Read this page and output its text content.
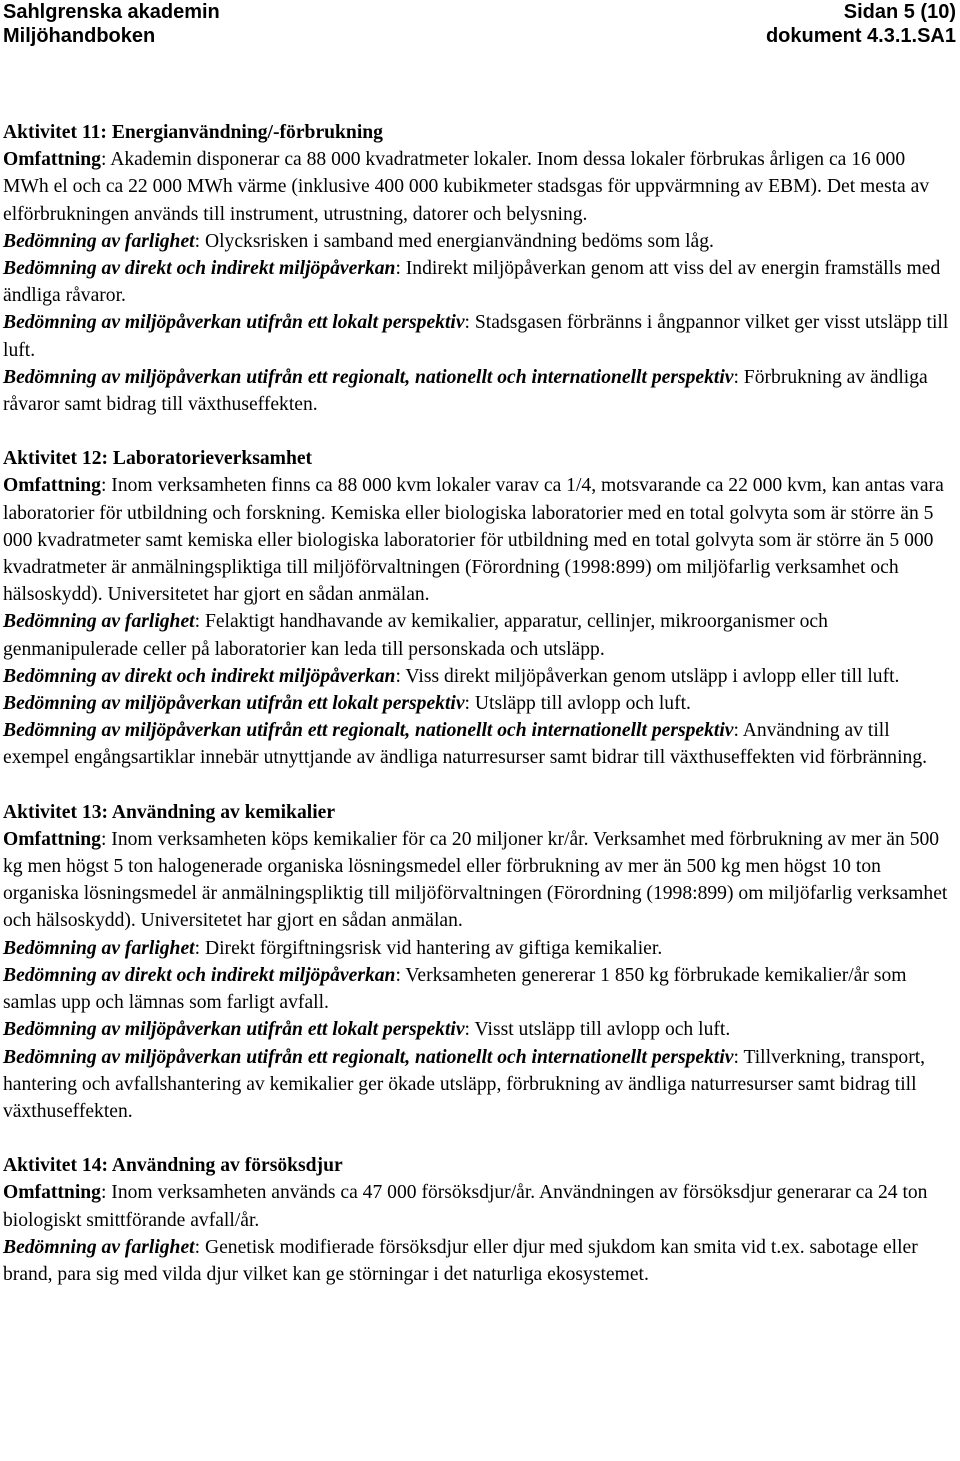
Sahlgrenska akademin	Sidan 5 (10)
Miljöhandboken	dokument 4.3.1.SA1
Aktivitet 11: Energianvändning/-förbrukning

Omfattning: Akademin disponerar ca 88 000 kvadratmeter lokaler. Inom dessa lokaler förbrukas årligen ca 16 000 MWh el och ca 22 000 MWh värme (inklusive 400 000 kubikmeter stadsgas för uppvärmning av EBM). Det mesta av elförbrukningen används till instrument, utrustning, datorer och belysning.

Bedömning av farlighet: Olycksrisken i samband med energianvändning bedöms som låg.

Bedömning av direkt och indirekt miljöpåverkan: Indirekt miljöpåverkan genom att viss del av energin framställs med ändliga råvaror.

Bedömning av miljöpåverkan utifrån ett lokalt perspektiv: Stadsgasen förbränns i ångpannor vilket ger visst utsläpp till luft.

Bedömning av miljöpåverkan utifrån ett regionalt, nationellt och internationellt perspektiv: Förbrukning av ändliga råvaror samt bidrag till växthuseffekten.

Aktivitet 12: Laboratorieverksamhet

Omfattning: Inom verksamheten finns ca 88 000 kvm lokaler varav ca 1/4, motsvarande ca 22 000 kvm, kan antas vara laboratorier för utbildning och forskning. Kemiska eller biologiska laboratorier med en total golvyta som är större än 5 000 kvadratmeter samt kemiska eller biologiska laboratorier för utbildning med en total golvyta som är större än 5 000 kvadratmeter är anmälningspliktiga till miljöförvaltningen (Förordning (1998:899) om miljöfarlig verksamhet och hälsoskydd). Universitetet har gjort en sådan anmälan.

Bedömning av farlighet: Felaktigt handhavande av kemikalier, apparatur, cellinjer, mikroorganismer och genmanipulerade celler på laboratorier kan leda till personskada och utsläpp.

Bedömning av direkt och indirekt miljöpåverkan: Viss direkt miljöpåverkan genom utsläpp i avlopp eller till luft.

Bedömning av miljöpåverkan utifrån ett lokalt perspektiv: Utsläpp till avlopp och luft.

Bedömning av miljöpåverkan utifrån ett regionalt, nationellt och internationellt perspektiv: Användning av till exempel engångsartiklar innebär utnyttjande av ändliga naturresurser samt bidrar till växthuseffekten vid förbränning.

Aktivitet 13: Användning av kemikalier

Omfattning: Inom verksamheten köps kemikalier för ca 20 miljoner kr/år. Verksamhet med förbrukning av mer än 500 kg men högst 5 ton halogenerade organiska lösningsmedel eller förbrukning av mer än 500 kg men högst 10 ton organiska lösningsmedel är anmälningspliktig till miljöförvaltningen (Förordning (1998:899) om miljöfarlig verksamhet och hälsoskydd). Universitetet har gjort en sådan anmälan.

Bedömning av farlighet: Direkt förgiftningsrisk vid hantering av giftiga kemikalier.

Bedömning av direkt och indirekt miljöpåverkan: Verksamheten genererar 1 850 kg förbrukade kemikalier/år som samlas upp och lämnas som farligt avfall.

Bedömning av miljöpåverkan utifrån ett lokalt perspektiv: Visst utsläpp till avlopp och luft.

Bedömning av miljöpåverkan utifrån ett regionalt, nationellt och internationellt perspektiv: Tillverkning, transport, hantering och avfallshantering av kemikalier ger ökade utsläpp, förbrukning av ändliga naturresurser samt bidrag till växthuseffekten.

Aktivitet 14: Användning av försöksdjur

Omfattning: Inom verksamheten används ca 47 000 försöksdjur/år. Användningen av försöksdjur generarar ca 24 ton biologiskt smittförande avfall/år.

Bedömning av farlighet: Genetisk modifierade försöksdjur eller djur med sjukdom kan smita vid t.ex. sabotage eller brand, para sig med vilda djur vilket kan ge störningar i det naturliga ekosystemet.
